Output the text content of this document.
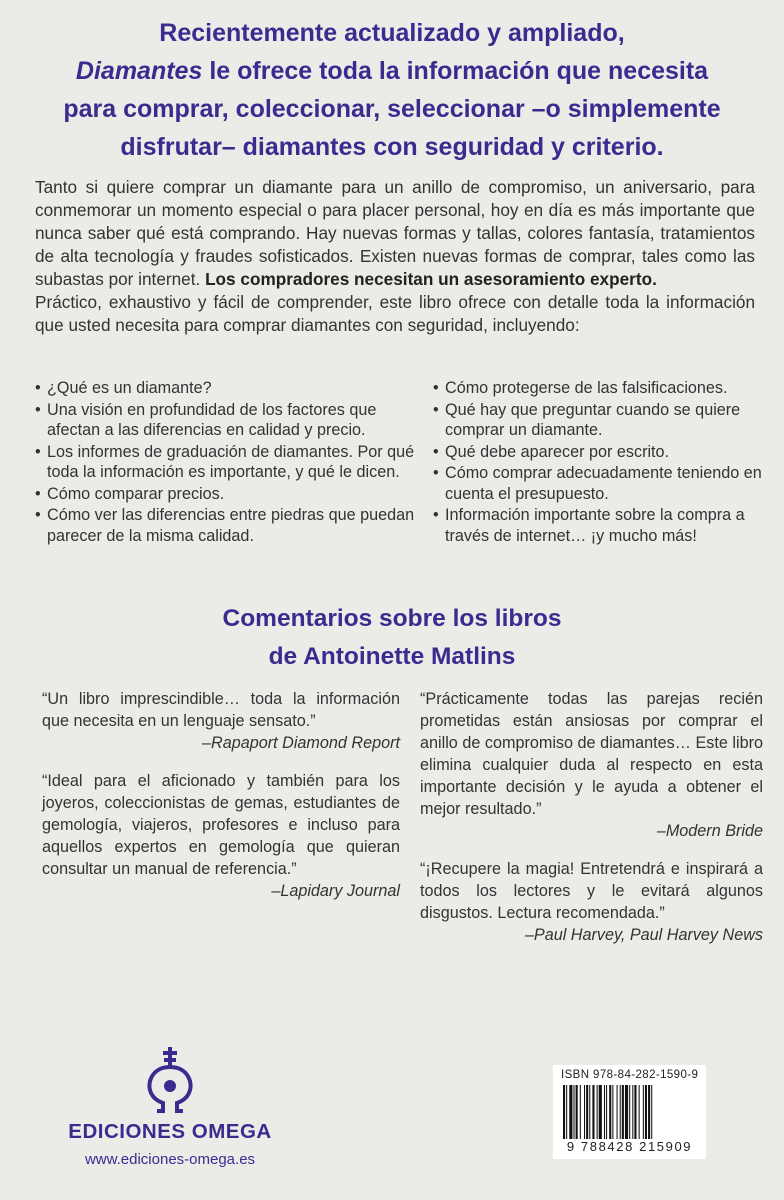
Recientemente actualizado y ampliado,
Diamantes le ofrece toda la información que necesita
para comprar, coleccionar, seleccionar –o simplemente
disfrutar– diamantes con seguridad y criterio.

Tanto si quiere comprar un diamante para un anillo de compromiso, un aniversario, para conmemorar un momento especial o para placer personal, hoy en día es más importante que nunca saber qué está comprando. Hay nuevas formas y tallas, colores fantasía, tratamientos de alta tecnología y fraudes sofisticados. Existen nuevas formas de comprar, tales como las subastas por internet. Los compradores necesitan un asesoramiento experto.

Práctico, exhaustivo y fácil de comprender, este libro ofrece con detalle toda la información que usted necesita para comprar diamantes con seguridad, incluyendo:

• ¿Qué es un diamante?
• Una visión en profundidad de los factores que afectan a las diferencias en calidad y precio.
• Los informes de graduación de diamantes. Por qué toda la información es importante, y qué le dicen.
• Cómo comparar precios.
• Cómo ver las diferencias entre piedras que puedan parecer de la misma calidad.
• Cómo protegerse de las falsificaciones.
• Qué hay que preguntar cuando se quiere comprar un diamante.
• Qué debe aparecer por escrito.
• Cómo comprar adecuadamente teniendo en cuenta el presupuesto.
• Información importante sobre la compra a través de internet… ¡y mucho más!
Comentarios sobre los libros
de Antoinette Matlins

“Un libro imprescindible… toda la información que necesita en un lenguaje sensato.”

–Rapaport Diamond Report

“Ideal para el aficionado y también para los joyeros, coleccionistas de gemas, estudiantes de gemología, viajeros, profesores e incluso para aquellos expertos en gemología que quieran consultar un manual de referencia.”

–Lapidary Journal

“Prácticamente todas las parejas recién prometidas están ansiosas por comprar el anillo de compromiso de diamantes… Este libro elimina cualquier duda al respecto en esta importante decisión y le ayuda a obtener el mejor resultado.”

–Modern Bride

“¡Recupere la magia! Entretendrá e inspirará a todos los lectores y le evitará algunos disgustos. Lectura recomendada.”

–Paul Harvey, Paul Harvey News

EDICIONES OMEGA
www.ediciones-omega.es
ISBN 978-84-282-1590-9
9 788428 215909
